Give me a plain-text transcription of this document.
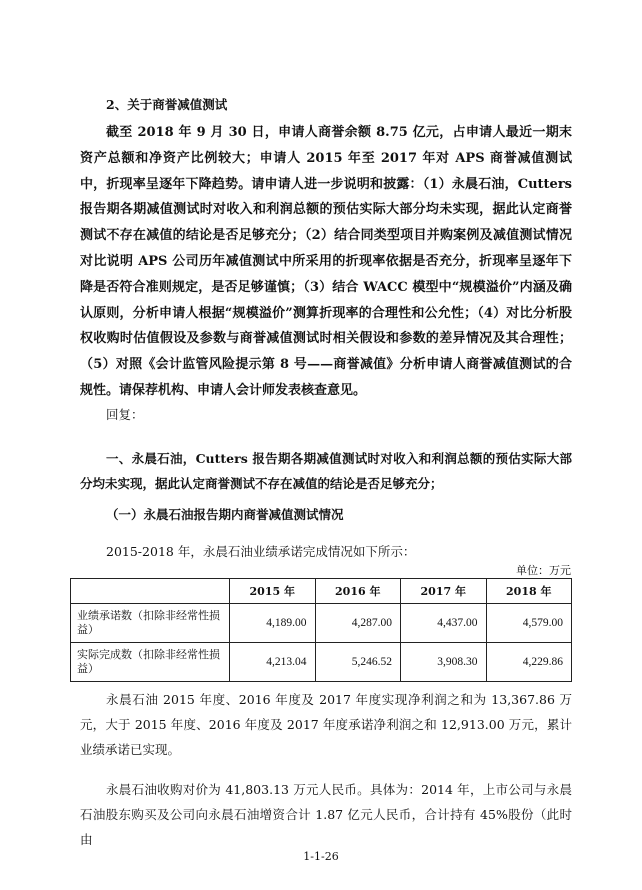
2、关于商誉减值测试

截至 2018 年 9 月 30 日，申请人商誉余额 8.75 亿元，占申请人最近一期末资产总额和净资产比例较大；申请人 2015 年至 2017 年对 APS 商誉减值测试中，折现率呈逐年下降趋势。请申请人进一步说明和披露：（1）永晨石油，Cutters 报告期各期减值测试时对收入和利润总额的预估实际大部分均未实现，据此认定商誉测试不存在减值的结论是否足够充分；（2）结合同类型项目并购案例及减值测试情况对比说明 APS 公司历年减值测试中所采用的折现率依据是否充分，折现率呈逐年下降是否符合准则规定，是否足够谨慎；（3）结合 WACC 模型中“规模溢价”内涵及确认原则，分析申请人根据“规模溢价”测算折现率的合理性和公允性；（4）对比分析股权收购时估值假设及参数与商誉减值测试时相关假设和参数的差异情况及其合理性；（5）对照《会计监管风险提示第 8 号——商誉减值》分析申请人商誉减值测试的合规性。请保荐机构、申请人会计师发表核查意见。

回复：

一、永晨石油，Cutters 报告期各期减值测试时对收入和利润总额的预估实际大部分均未实现，据此认定商誉测试不存在减值的结论是否足够充分；

（一）永晨石油报告期内商誉减值测试情况

2015-2018 年，永晨石油业绩承诺完成情况如下所示：

单位：万元
	2015 年	2016 年	2017 年	2018 年
业绩承诺数（扣除非经常性损益）	4,189.00	4,287.00	4,437.00	4,579.00
实际完成数（扣除非经常性损益）	4,213.04	5,246.52	3,908.30	4,229.86

永晨石油 2015 年度、2016 年度及 2017 年度实现净利润之和为 13,367.86 万元，大于 2015 年度、2016 年度及 2017 年度承诺净利润之和 12,913.00 万元，累计业绩承诺已实现。

永晨石油收购对价为 41,803.13 万元人民币。具体为：2014 年，上市公司与永晨石油股东购买及公司向永晨石油增资合计 1.87 亿元人民币，合计持有 45%股份（此时由

1-1-26
